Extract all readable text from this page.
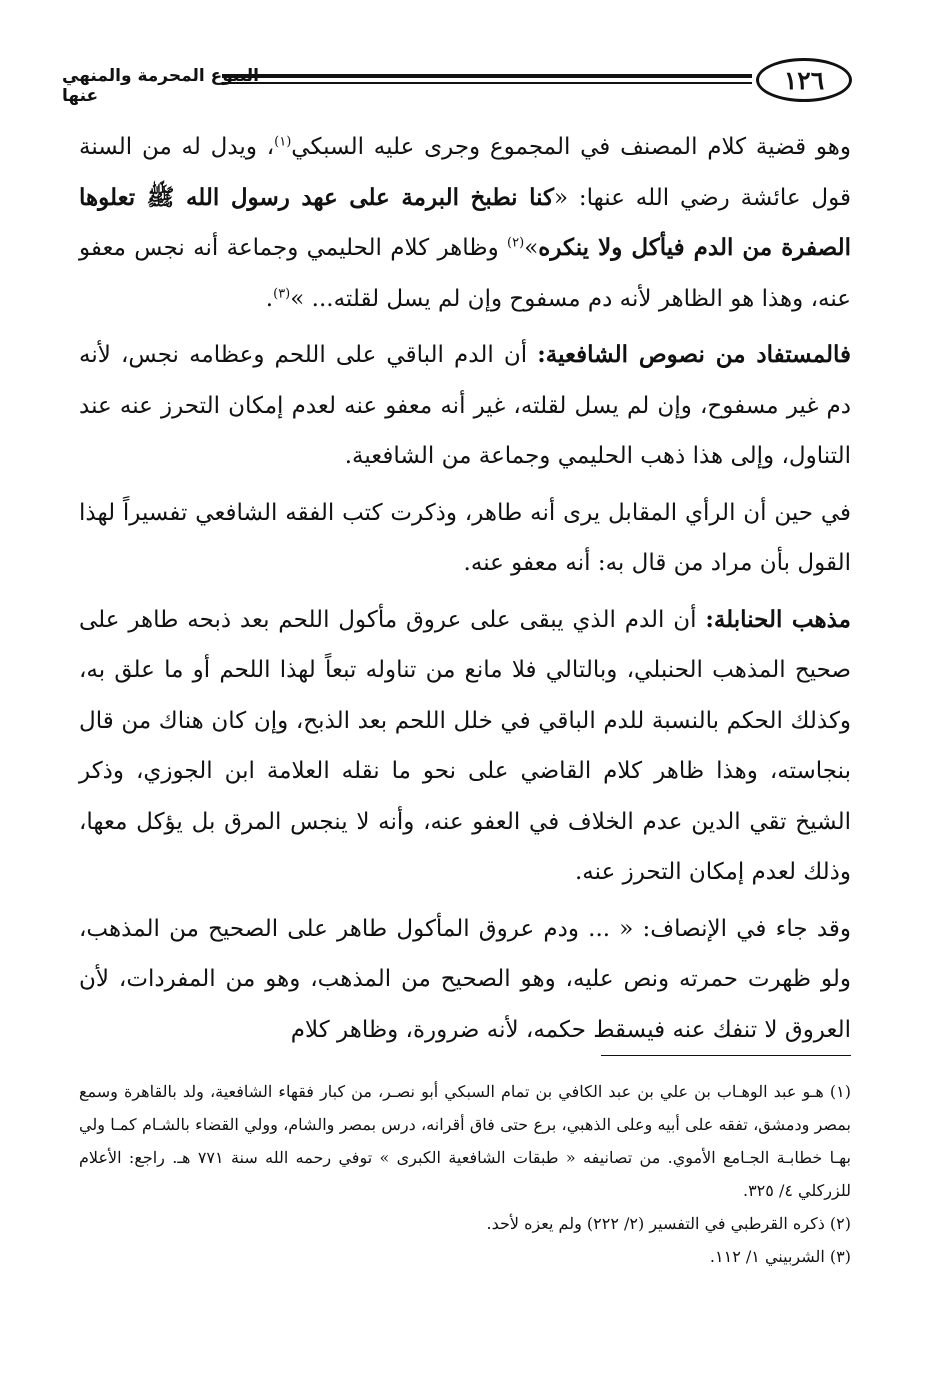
١٢٦
البيوع المحرمة والمنهي عنها

وهو قضية كلام المصنف في المجموع وجرى عليه السبكي$^{(١)}$، ويدل له من السنة قول عائشة رضي الله عنها: «كنا نطبخ البرمة على عهد رسول الله ﷺ تعلوها الصفرة من الدم فيأكل ولا ينكره»$^{(٢)}$ وظاهر كلام الحليمي وجماعة أنه نجس معفو عنه، وهذا هو الظاهر لأنه دم مسفوح وإن لم يسل لقلته... »$^{(٣)}$.

فالمستفاد من نصوص الشافعية: أن الدم الباقي على اللحم وعظامه نجس، لأنه دم غير مسفوح، وإن لم يسل لقلته، غير أنه معفو عنه لعدم إمكان التحرز عنه عند التناول، وإلى هذا ذهب الحليمي وجماعة من الشافعية.

في حين أن الرأي المقابل يرى أنه طاهر، وذكرت كتب الفقه الشافعي تفسيراً لهذا القول بأن مراد من قال به: أنه معفو عنه.

مذهب الحنابلة: أن الدم الذي يبقى على عروق مأكول اللحم بعد ذبحه طاهر على صحيح المذهب الحنبلي، وبالتالي فلا مانع من تناوله تبعاً لهذا اللحم أو ما علق به، وكذلك الحكم بالنسبة للدم الباقي في خلل اللحم بعد الذبح، وإن كان هناك من قال بنجاسته، وهذا ظاهر كلام القاضي على نحو ما نقله العلامة ابن الجوزي، وذكر الشيخ تقي الدين عدم الخلاف في العفو عنه، وأنه لا ينجس المرق بل يؤكل معها، وذلك لعدم إمكان التحرز عنه.

وقد جاء في الإنصاف: « ... ودم عروق المأكول طاهر على الصحيح من المذهب، ولو ظهرت حمرته ونص عليه، وهو الصحيح من المذهب، وهو من المفردات، لأن العروق لا تنفك عنه فيسقط حكمه، لأنه ضرورة، وظاهر كلام

(١) هـو عبد الوهـاب بن علي بن عبد الكافي بن تمام السبكي أبو نصـر، من كبار فقهاء الشافعية، ولد بالقاهرة وسمع بمصر ودمشق، تفقه على أبيه وعلى الذهبي، برع حتى فاق أقرانه، درس بمصر والشام، وولي القضاء بالشـام كمـا ولي بهـا خطابـة الجـامع الأموي. من تصانيفه « طبقات الشافعية الكبرى » توفي رحمه الله سنة ٧٧١ هـ. راجع: الأعلام للزركلي ٤/ ٣٢٥.

(٢) ذكره القرطبي في التفسير (٢/ ٢٢٢) ولم يعزه لأحد.

(٣) الشربيني ١/ ١١٢.
